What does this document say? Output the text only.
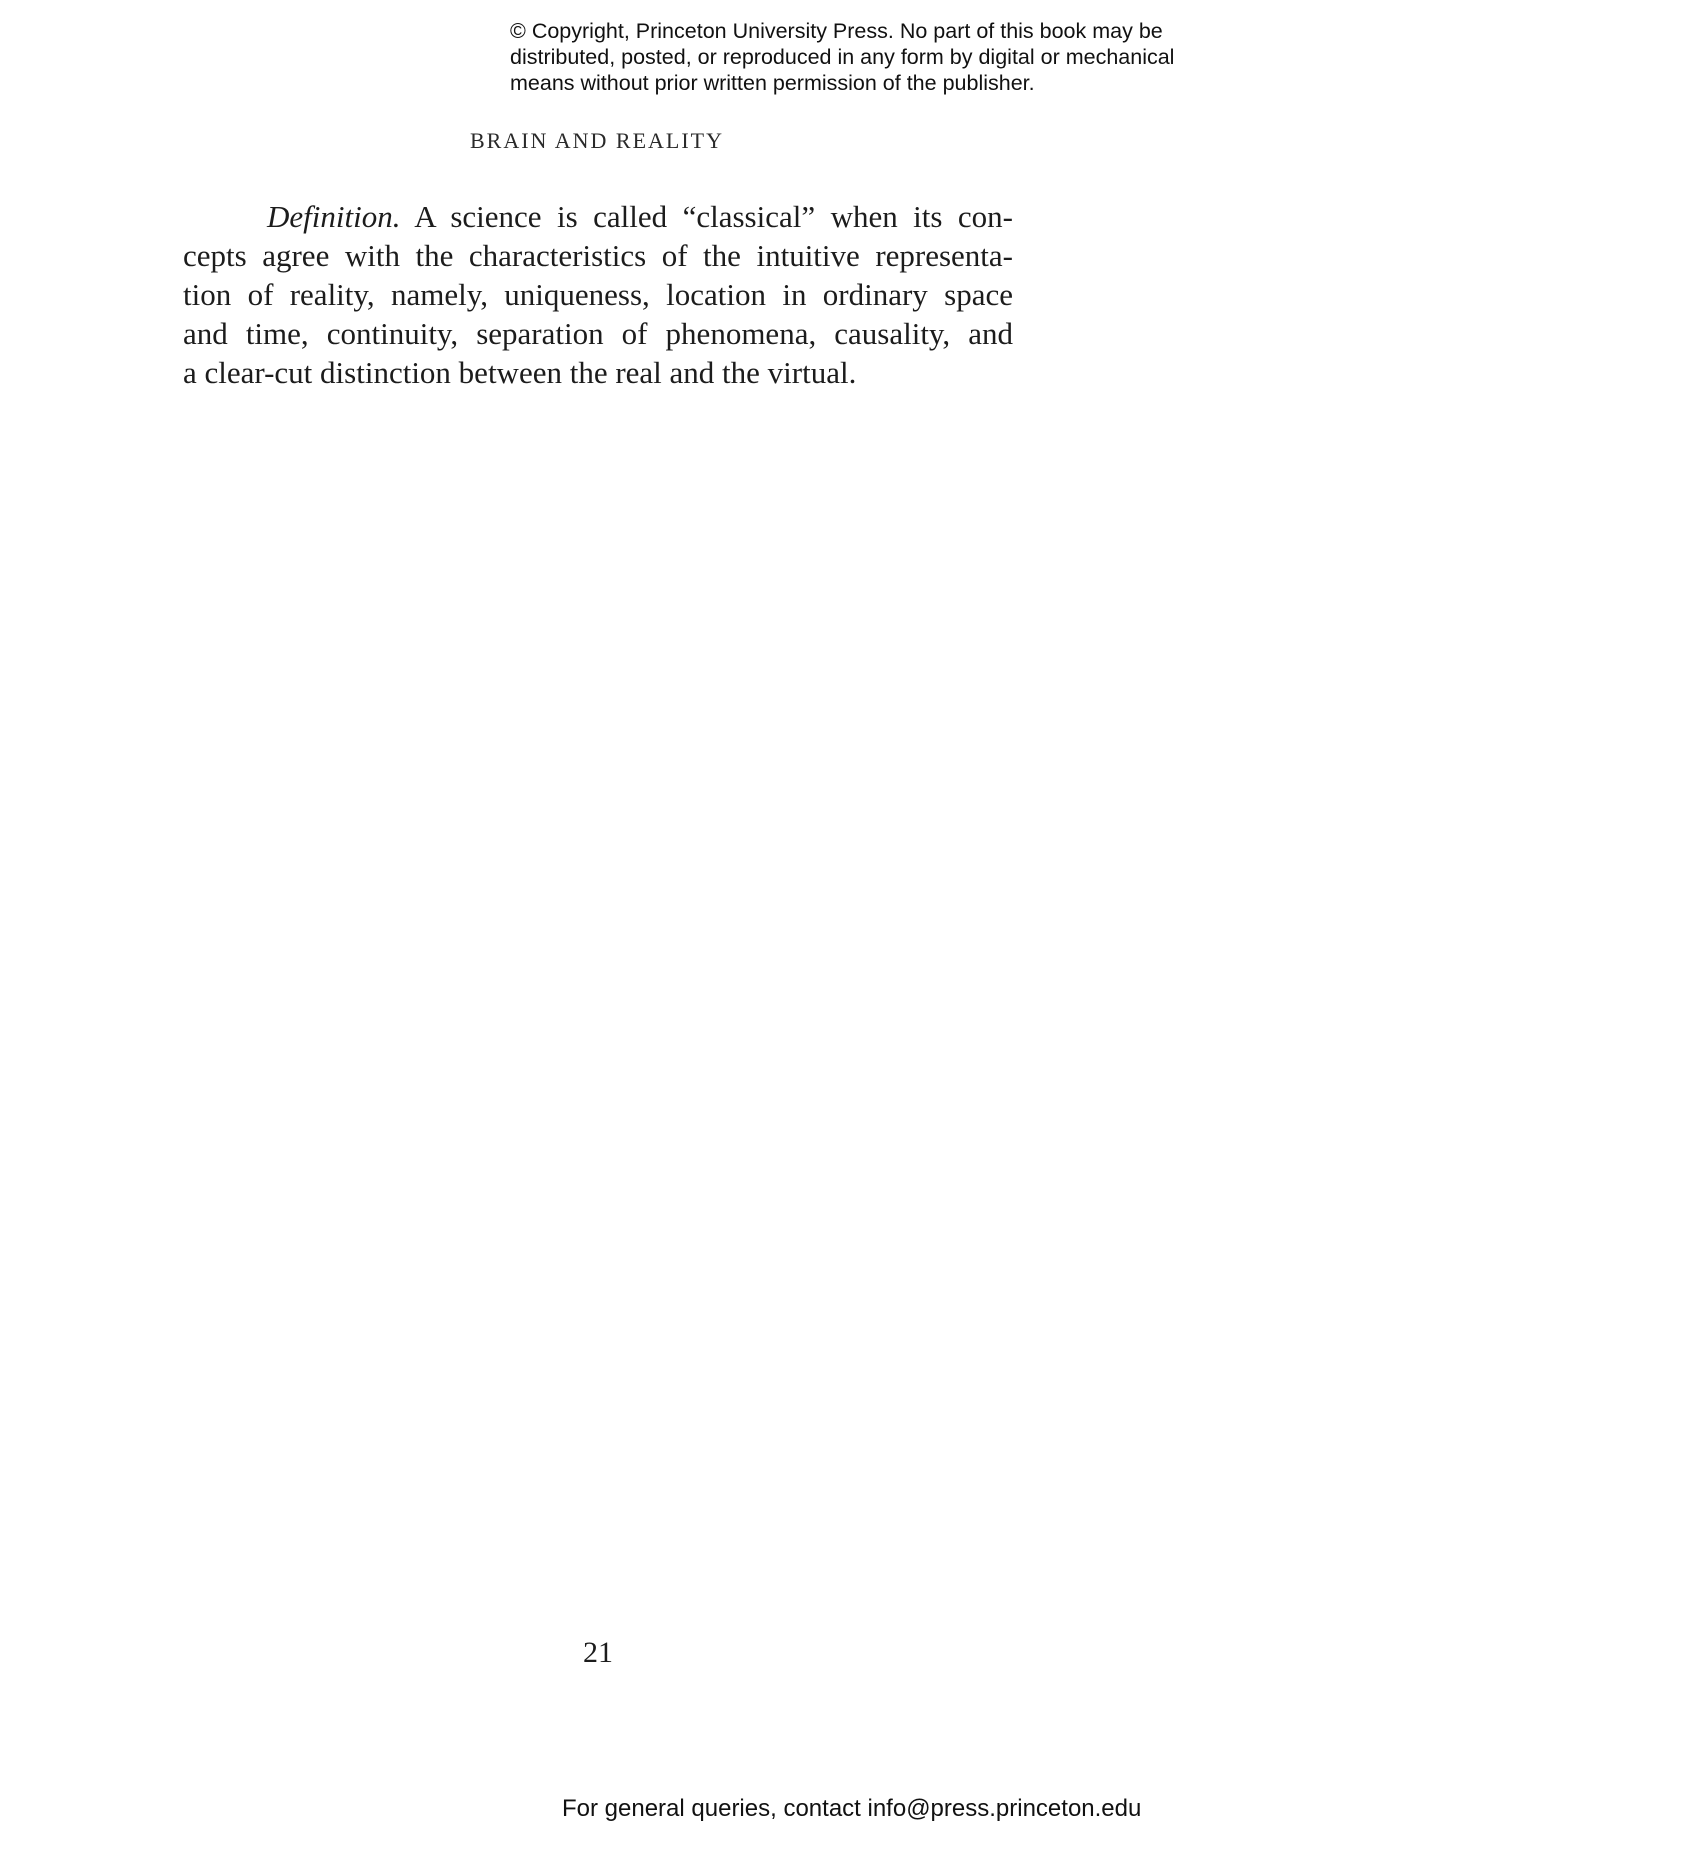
© Copyright, Princeton University Press. No part of this book may be
distributed, posted, or reproduced in any form by digital or mechanical
means without prior written permission of the publisher.
BRAIN AND REALITY
Definition. A science is called “classical” when its con-
cepts agree with the characteristics of the intuitive representa-
tion of reality, namely, uniqueness, location in ordinary space
and time, continuity, separation of phenomena, causality, and
a clear-cut distinction between the real and the virtual.
21
For general queries, contact info@press.princeton.edu
